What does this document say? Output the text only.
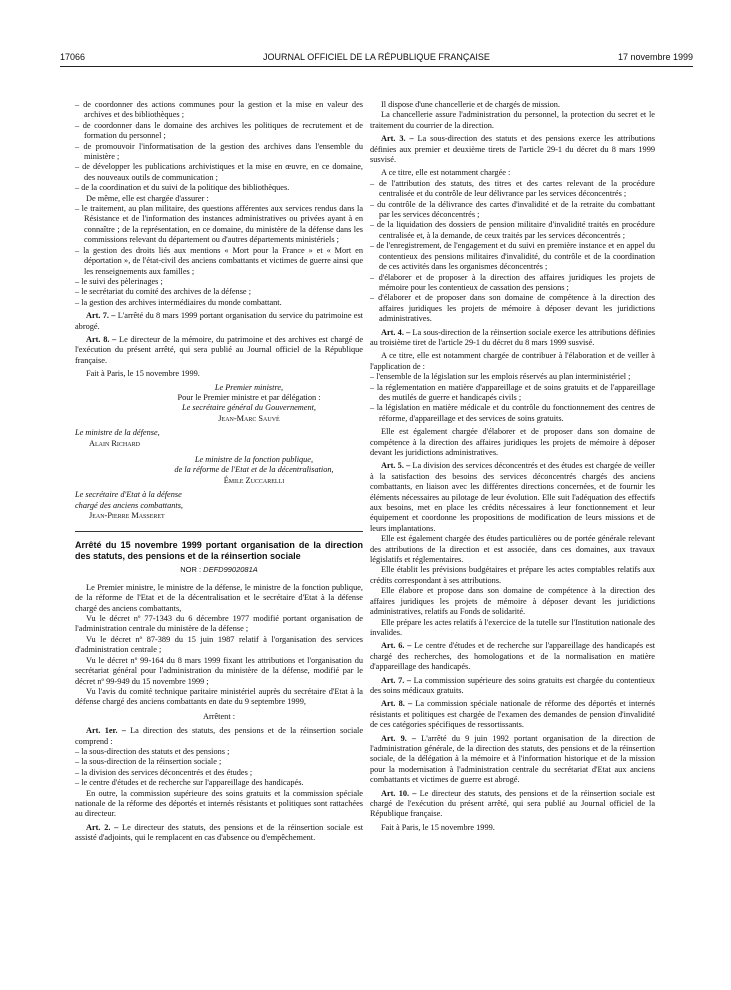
17066	JOURNAL OFFICIEL DE LA RÉPUBLIQUE FRANÇAISE	17 novembre 1999

– de coordonner des actions communes pour la gestion et la mise en valeur des archives et des bibliothèques ;

– de coordonner dans le domaine des archives les politiques de recrutement et de formation du personnel ;

– de promouvoir l'informatisation de la gestion des archives dans l'ensemble du ministère ;

– de développer les publications archivistiques et la mise en œuvre, en ce domaine, des nouveaux outils de communication ;

– de la coordination et du suivi de la politique des bibliothèques.

De même, elle est chargée d'assurer :

– le traitement, au plan militaire, des questions afférentes aux services rendus dans la Résistance et de l'information des instances administratives ou privées ayant à en connaître ; de la représentation, en ce domaine, du ministère de la défense dans les commissions relevant du département ou d'autres départements ministériels ;

– la gestion des droits liés aux mentions « Mort pour la France » et « Mort en déportation », de l'état-civil des anciens combattants et victimes de guerre ainsi que les renseignements aux familles ;

– le suivi des pèlerinages ;

– le secrétariat du comité des archives de la défense ;

– la gestion des archives intermédiaires du monde combattant.

Art. 7. – L'arrêté du 8 mars 1999 portant organisation du service du patrimoine est abrogé.

Art. 8. – Le directeur de la mémoire, du patrimoine et des archives est chargé de l'exécution du présent arrêté, qui sera publié au Journal officiel de la République française.

Fait à Paris, le 15 novembre 1999.

Le Premier ministre,

Pour le Premier ministre et par délégation :

Le secrétaire général du Gouvernement,

Jean-Marc Sauvé

Le ministre de la défense,

Alain Richard

Le ministre de la fonction publique,

de la réforme de l'Etat et de la décentralisation,

Émile Zuccarelli

Le secrétaire d'Etat à la défense

chargé des anciens combattants,

Jean-Pierre Masseret

Arrêté du 15 novembre 1999 portant organisation de la direction des statuts, des pensions et de la réinsertion sociale

NOR : DEFD9902081A

Le Premier ministre, le ministre de la défense, le ministre de la fonction publique, de la réforme de l'Etat et de la décentralisation et le secrétaire d'Etat à la défense chargé des anciens combattants,

Vu le décret nº 77-1343 du 6 décembre 1977 modifié portant organisation de l'administration centrale du ministère de la défense ;

Vu le décret nº 87-389 du 15 juin 1987 relatif à l'organisation des services d'administration centrale ;

Vu le décret nº 99-164 du 8 mars 1999 fixant les attributions et l'organisation du secrétariat général pour l'administration du ministère de la défense, modifié par le décret nº 99-949 du 15 novembre 1999 ;

Vu l'avis du comité technique paritaire ministériel auprès du secrétaire d'Etat à la défense chargé des anciens combattants en date du 9 septembre 1999,

Arrêtent :

Art. 1er. – La direction des statuts, des pensions et de la réinsertion sociale comprend :

– la sous-direction des statuts et des pensions ;

– la sous-direction de la réinsertion sociale ;

– la division des services déconcentrés et des études ;

– le centre d'études et de recherche sur l'appareillage des handicapés.

En outre, la commission supérieure des soins gratuits et la commission spéciale nationale de la réforme des déportés et internés résistants et politiques sont rattachées au directeur.

Art. 2. – Le directeur des statuts, des pensions et de la réinsertion sociale est assisté d'adjoints, qui le remplacent en cas d'absence ou d'empêchement.

Il dispose d'une chancellerie et de chargés de mission.

La chancellerie assure l'administration du personnel, la protection du secret et le traitement du courrier de la direction.

Art. 3. – La sous-direction des statuts et des pensions exerce les attributions définies aux premier et deuxième tirets de l'article 29-1 du décret du 8 mars 1999 susvisé.

A ce titre, elle est notamment chargée :

– de l'attribution des statuts, des titres et des cartes relevant de la procédure centralisée et du contrôle de leur délivrance par les services déconcentrés ;

– du contrôle de la délivrance des cartes d'invalidité et de la retraite du combattant par les services déconcentrés ;

– de la liquidation des dossiers de pension militaire d'invalidité traités en procédure centralisée et, à la demande, de ceux traités par les services déconcentrés ;

– de l'enregistrement, de l'engagement et du suivi en première instance et en appel du contentieux des pensions militaires d'invalidité, du contrôle et de la coordination de ces activités dans les organismes déconcentrés ;

– d'élaborer et de proposer à la direction des affaires juridiques les projets de mémoire pour les contentieux de cassation des pensions ;

– d'élaborer et de proposer dans son domaine de compétence à la direction des affaires juridiques les projets de mémoire à déposer devant les juridictions administratives.

Art. 4. – La sous-direction de la réinsertion sociale exerce les attributions définies au troisième tiret de l'article 29-1 du décret du 8 mars 1999 susvisé.

A ce titre, elle est notamment chargée de contribuer à l'élaboration et de veiller à l'application de :

– l'ensemble de la législation sur les emplois réservés au plan interministériel ;

– la réglementation en matière d'appareillage et de soins gratuits et de l'appareillage des mutilés de guerre et handicapés civils ;

– la législation en matière médicale et du contrôle du fonctionnement des centres de réforme, d'appareillage et des services de soins gratuits.

Elle est également chargée d'élaborer et de proposer dans son domaine de compétence à la direction des affaires juridiques les projets de mémoire à déposer devant les juridictions administratives.

Art. 5. – La division des services déconcentrés et des études est chargée de veiller à la satisfaction des besoins des services déconcentrés chargés des anciens combattants, en liaison avec les différentes directions concernées, et de fournir les éléments nécessaires au pilotage de leur évolution. Elle suit l'adéquation des effectifs aux besoins, met en place les crédits nécessaires à leur fonctionnement et leur équipement et coordonne les propositions de modification de leurs missions et de leurs implantations.

Elle est également chargée des études particulières ou de portée générale relevant des attributions de la direction et est associée, dans ces domaines, aux travaux législatifs et réglementaires.

Elle établit les prévisions budgétaires et prépare les actes comptables relatifs aux crédits correspondant à ses attributions.

Elle élabore et propose dans son domaine de compétence à la direction des affaires juridiques les projets de mémoire à déposer devant les juridictions administratives, relatifs au Fonds de solidarité.

Elle prépare les actes relatifs à l'exercice de la tutelle sur l'Institution nationale des invalides.

Art. 6. – Le centre d'études et de recherche sur l'appareillage des handicapés est chargé des recherches, des homologations et de la normalisation en matière d'appareillage des handicapés.

Art. 7. – La commission supérieure des soins gratuits est chargée du contentieux des soins médicaux gratuits.

Art. 8. – La commission spéciale nationale de réforme des déportés et internés résistants et politiques est chargée de l'examen des demandes de pension d'invalidité de ces catégories spécifiques de ressortissants.

Art. 9. – L'arrêté du 9 juin 1992 portant organisation de la direction de l'administration générale, de la direction des statuts, des pensions et de la réinsertion sociale, de la délégation à la mémoire et à l'information historique et de la mission pour la modernisation à l'administration centrale du secrétariat d'Etat aux anciens combattants et victimes de guerre est abrogé.

Art. 10. – Le directeur des statuts, des pensions et de la réinsertion sociale est chargé de l'exécution du présent arrêté, qui sera publié au Journal officiel de la République française.

Fait à Paris, le 15 novembre 1999.
